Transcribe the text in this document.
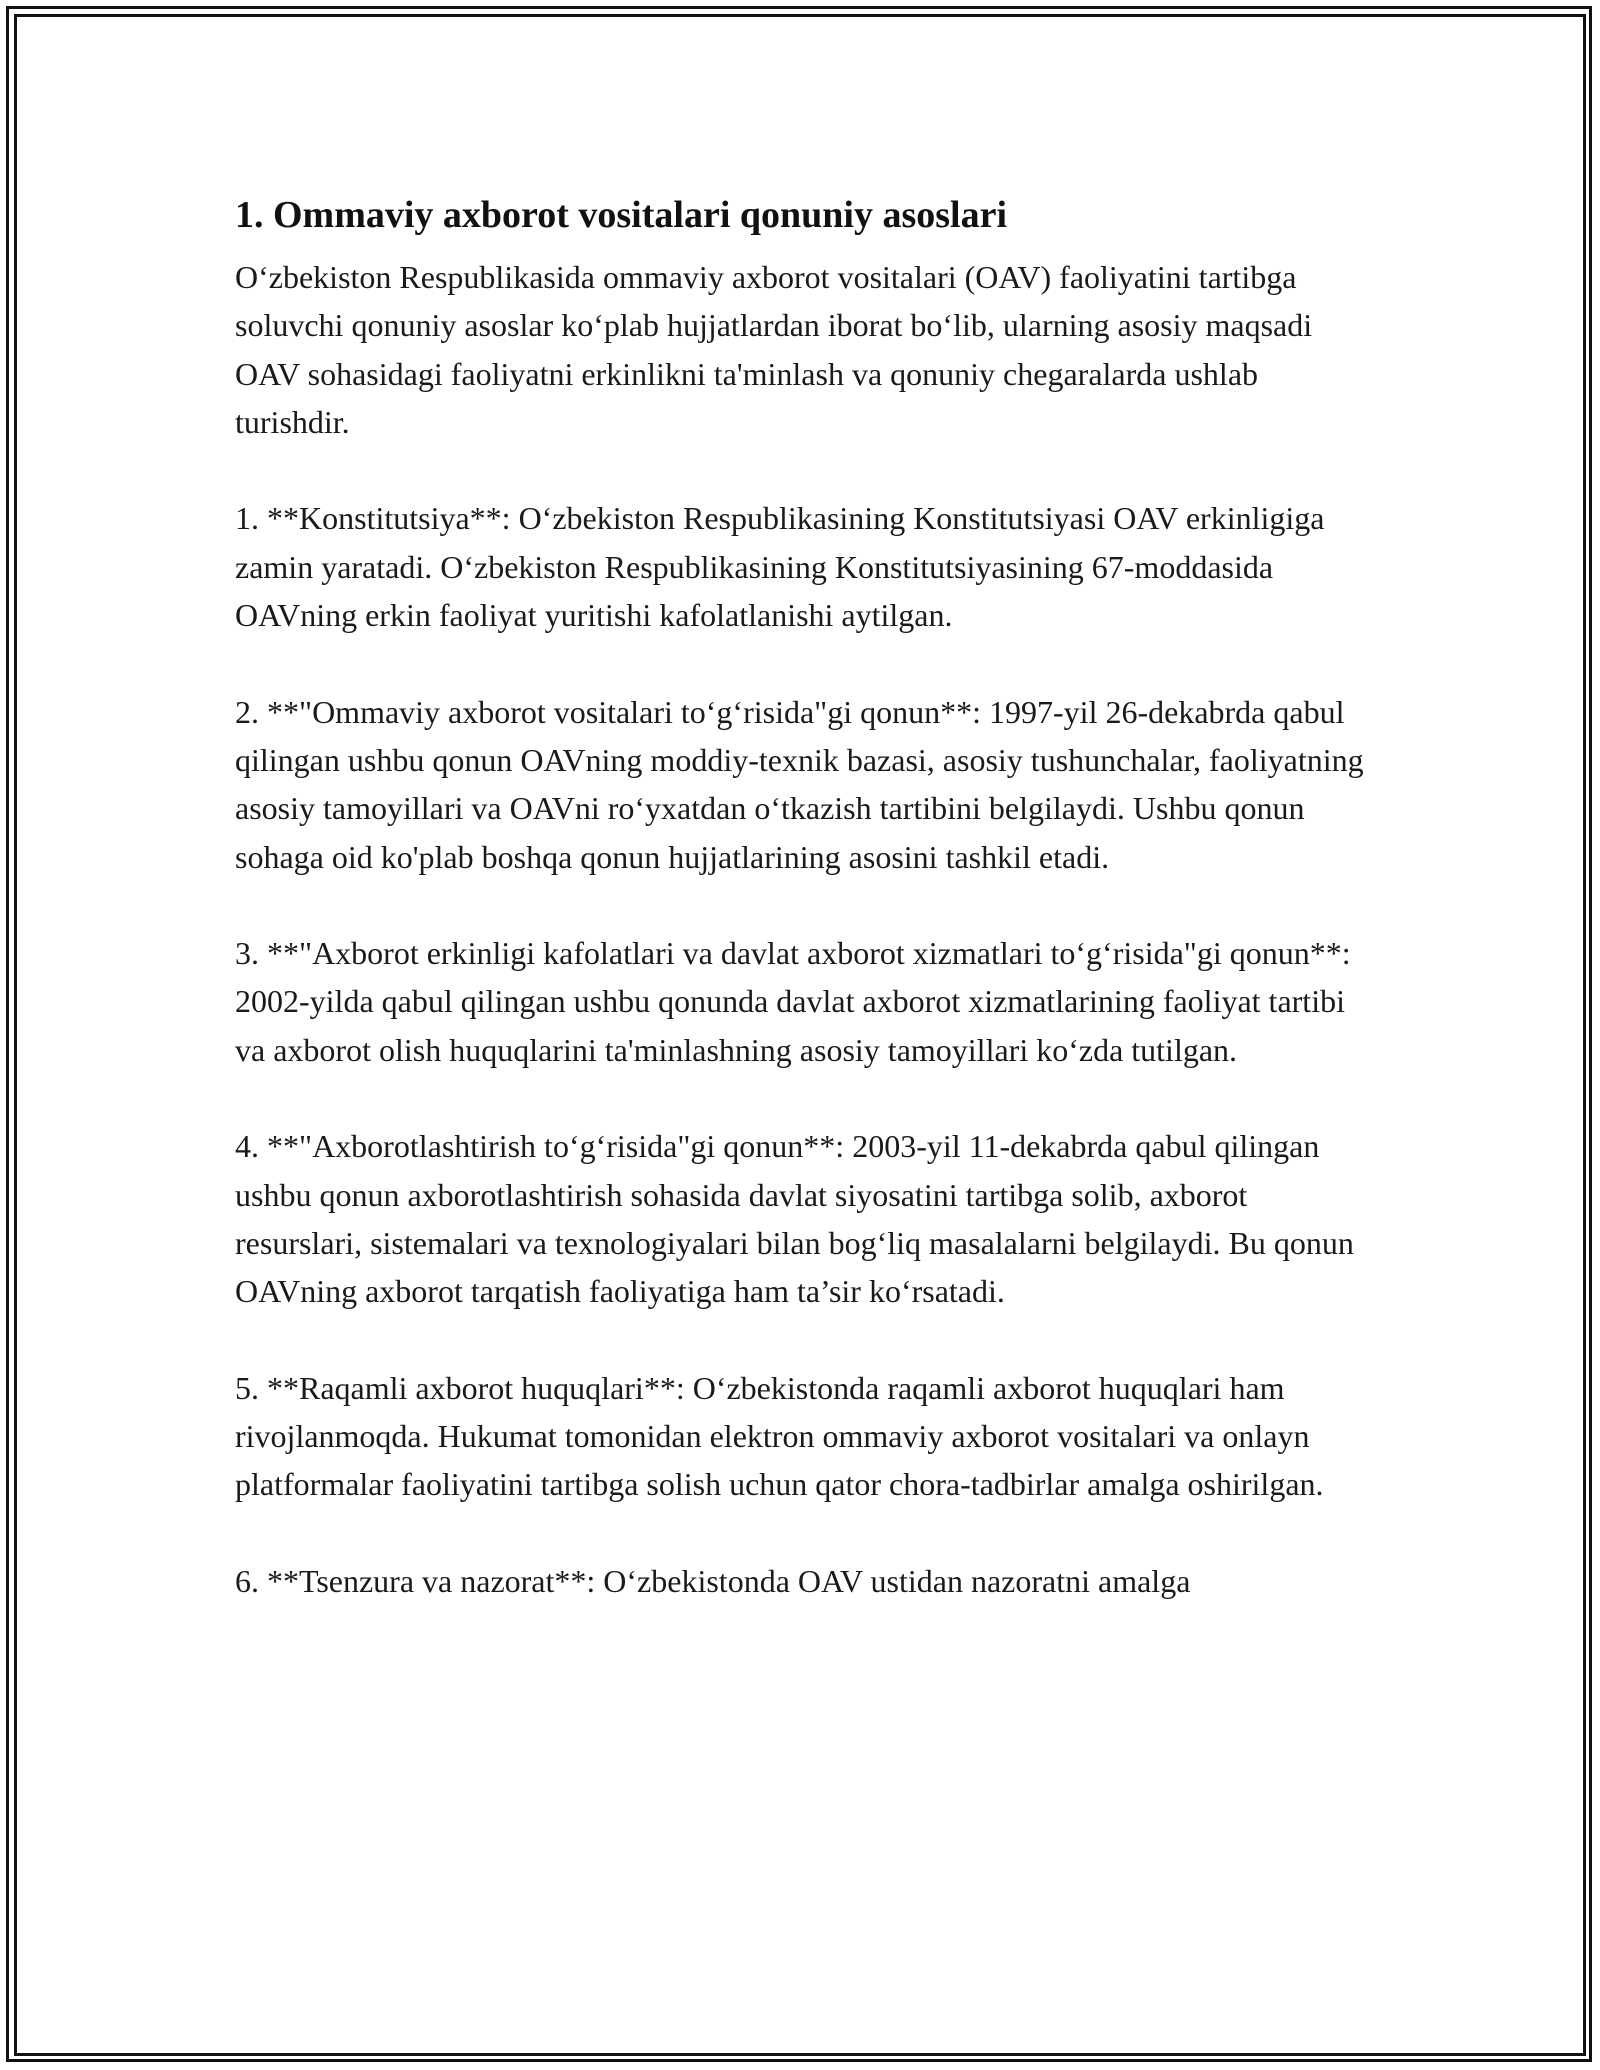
1. Ommaviy axborot vositalari qonuniy asoslari

O‘zbekiston Respublikasida ommaviy axborot vositalari (OAV) faoliyatini tartibga soluvchi qonuniy asoslar ko‘plab hujjatlardan iborat bo‘lib, ularning asosiy maqsadi OAV sohasidagi faoliyatni erkinlikni ta'minlash va qonuniy chegaralarda ushlab turishdir.

1. **Konstitutsiya**: O‘zbekiston Respublikasining Konstitutsiyasi OAV erkinligiga zamin yaratadi. O‘zbekiston Respublikasining Konstitutsiyasining 67-moddasida OAVning erkin faoliyat yuritishi kafolatlanishi aytilgan.

2. **"Ommaviy axborot vositalari to‘g‘risida"gi qonun**: 1997-yil 26-dekabrda qabul qilingan ushbu qonun OAVning moddiy-texnik bazasi, asosiy tushunchalar, faoliyatning asosiy tamoyillari va OAVni ro‘yxatdan o‘tkazish tartibini belgilaydi. Ushbu qonun sohaga oid ko'plab boshqa qonun hujjatlarining asosini tashkil etadi.

3. **"Axborot erkinligi kafolatlari va davlat axborot xizmatlari to‘g‘risida"gi qonun**: 2002-yilda qabul qilingan ushbu qonunda davlat axborot xizmatlarining faoliyat tartibi va axborot olish huquqlarini ta'minlashning asosiy tamoyillari ko‘zda tutilgan.

4. **"Axborotlashtirish to‘g‘risida"gi qonun**: 2003-yil 11-dekabrda qabul qilingan ushbu qonun axborotlashtirish sohasida davlat siyosatini tartibga solib, axborot resurslari, sistemalari va texnologiyalari bilan bog‘liq masalalarni belgilaydi. Bu qonun OAVning axborot tarqatish faoliyatiga ham ta’sir ko‘rsatadi.

5. **Raqamli axborot huquqlari**: O‘zbekistonda raqamli axborot huquqlari ham rivojlanmoqda. Hukumat tomonidan elektron ommaviy axborot vositalari va onlayn platformalar faoliyatini tartibga solish uchun qator chora-tadbirlar amalga oshirilgan.

6. **Tsenzura va nazorat**: O‘zbekistonda OAV ustidan nazoratni amalga
